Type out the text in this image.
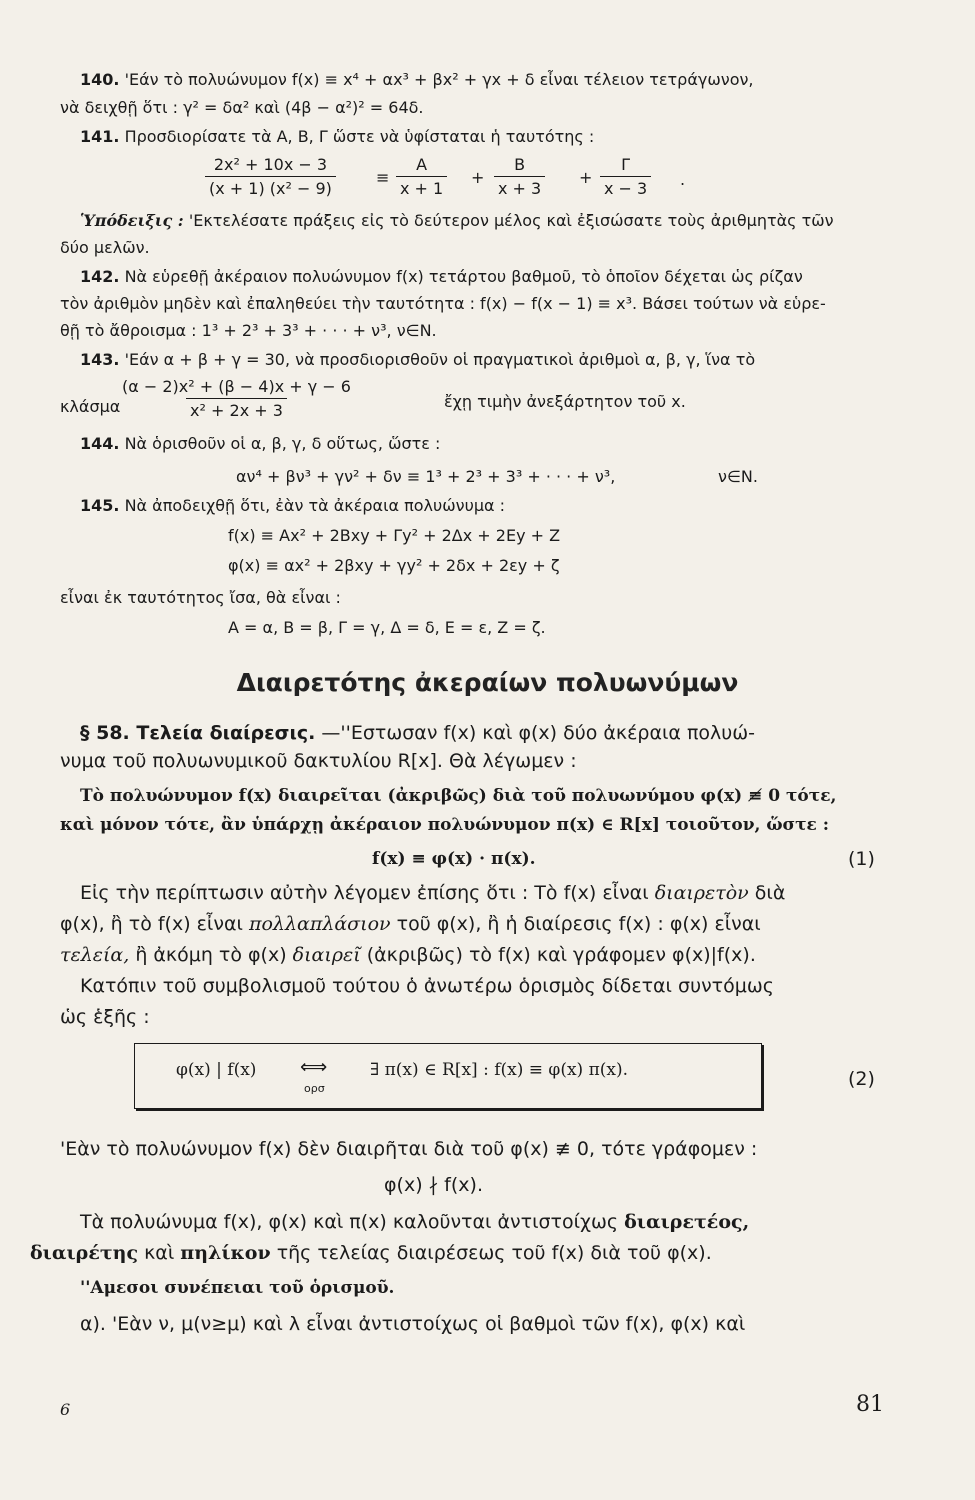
140. 'Εάν τὸ πολυώνυμον f(x) ≡ x⁴ + αx³ + βx² + γx + δ εἶναι τέλειον τετράγωνον,
νὰ δειχθῇ ὅτι : γ² = δα² καὶ (4β − α²)² = 64δ.
141. Προσδιορίσατε τὰ Α, Β, Γ ὥστε νὰ ὑφίσταται ἡ ταυτότης :
$\frac{\text{2x² + 10x − 3}}{\text{(x + 1) (x² − 9)}}$	≡ $\frac{A}{x + 1} + \frac{B}{x + 3} + \frac{\Gamma}{x - 3}$ .
Ὑπόδειξις : 'Εκτελέσατε πράξεις εἰς τὸ δεύτερον μέλος καὶ ἐξισώσατε τοὺς ἀριθμητὰς τῶν
δύο μελῶν.
142. Νὰ εὑρεθῇ ἀκέραιον πολυώνυμον f(x) τετάρτου βαθμοῦ, τὸ ὁποῖον δέχεται ὡς ρίζαν
τὸν ἀριθμὸν μηδὲν καὶ ἐπαληθεύει τὴν ταυτότητα : f(x) − f(x − 1) ≡ x³. Βάσει τούτων νὰ εὑρε-
θῇ τὸ ἄθροισμα : 1³ + 2³ + 3³ + · · · + ν³, ν∈N.
143. 'Εάν α + β + γ = 30, νὰ προσδιορισθοῦν οἱ πραγματικοὶ ἀριθμοὶ α, β, γ, ἵνα τὸ
κλάσμα
$\frac{\text{(α − 2)x² + (β − 4)x + γ − 6}}{\text{x² + 2x + 3}}$	ἔχῃ τιμὴν ἀνεξάρτητον τοῦ x.
144. Νὰ ὁρισθοῦν οἱ α, β, γ, δ οὕτως, ὥστε :
αν⁴ + βν³ + γν² + δν ≡ 1³ + 2³ + 3³ + · · · + ν³,	ν∈N.
145. Νὰ ἀποδειχθῇ ὅτι, ἐὰν τὰ ἀκέραια πολυώνυμα :
f(x) ≡ Ax² + 2Bxy + Γy² + 2Δx + 2Ey + Z
φ(x) ≡ αx² + 2βxy + γy² + 2δx + 2εy + ζ
εἶναι ἐκ ταυτότητος ἴσα, θὰ εἶναι :
A = α, B = β, Γ = γ, Δ = δ, E = ε, Z = ζ.
Διαιρετότης ἀκεραίων πολυωνύμων
§ 58. Τελεία διαίρεσις. —''Εστωσαν f(x) καὶ φ(x) δύο ἀκέραια πολυώ-
νυμα τοῦ πολυωνυμικοῦ δακτυλίου R[x]. Θὰ λέγωμεν :
Τὸ πολυώνυμον f(x) διαιρεῖται (ἀκριβῶς) διὰ τοῦ πολυωνύμου φ(x) ≢ 0 τότε,
καὶ μόνον τότε, ἂν ὑπάρχῃ ἀκέραιον πολυώνυμον π(x) ∈ R[x] τοιοῦτον, ὥστε :
f(x) ≡ φ(x) · π(x).	(1)
Εἰς τὴν περίπτωσιν αὐτὴν λέγομεν ἐπίσης ὅτι : Τὸ f(x) εἶναι διαιρετὸν διὰ
φ(x), ἢ τὸ f(x) εἶναι πολλαπλάσιον τοῦ φ(x), ἢ ἡ διαίρεσις f(x) : φ(x) εἶναι
τελεία, ἢ ἀκόμη τὸ φ(x) διαιρεῖ (ἀκριβῶς) τὸ f(x) καὶ γράφομεν φ(x)|f(x).
Κατόπιν τοῦ συμβολισμοῦ τούτου ὁ ἀνωτέρω ὁρισμὸς δίδεται συντόμως
ὡς ἑξῆς :
φ(x) | f(x) ⟺
ορσ
∃ π(x) ∈ R[x] : f(x) ≡ φ(x) π(x).	(2)
'Εὰν τὸ πολυώνυμον f(x) δὲν διαιρῆται διὰ τοῦ φ(x) ≢ 0, τότε γράφομεν :
φ(x) ∤ f(x).
Τὰ πολυώνυμα f(x), φ(x) καὶ π(x) καλοῦνται ἀντιστοίχως διαιρετέος,
διαιρέτης καὶ πηλίκον τῆς τελείας διαιρέσεως τοῦ f(x) διὰ τοῦ φ(x).
''Αμεσοι συνέπειαι τοῦ ὁρισμοῦ.
α). 'Εὰν ν, μ(ν≥μ) καὶ λ εἶναι ἀντιστοίχως οἱ βαθμοὶ τῶν f(x), φ(x) καὶ
6	81
